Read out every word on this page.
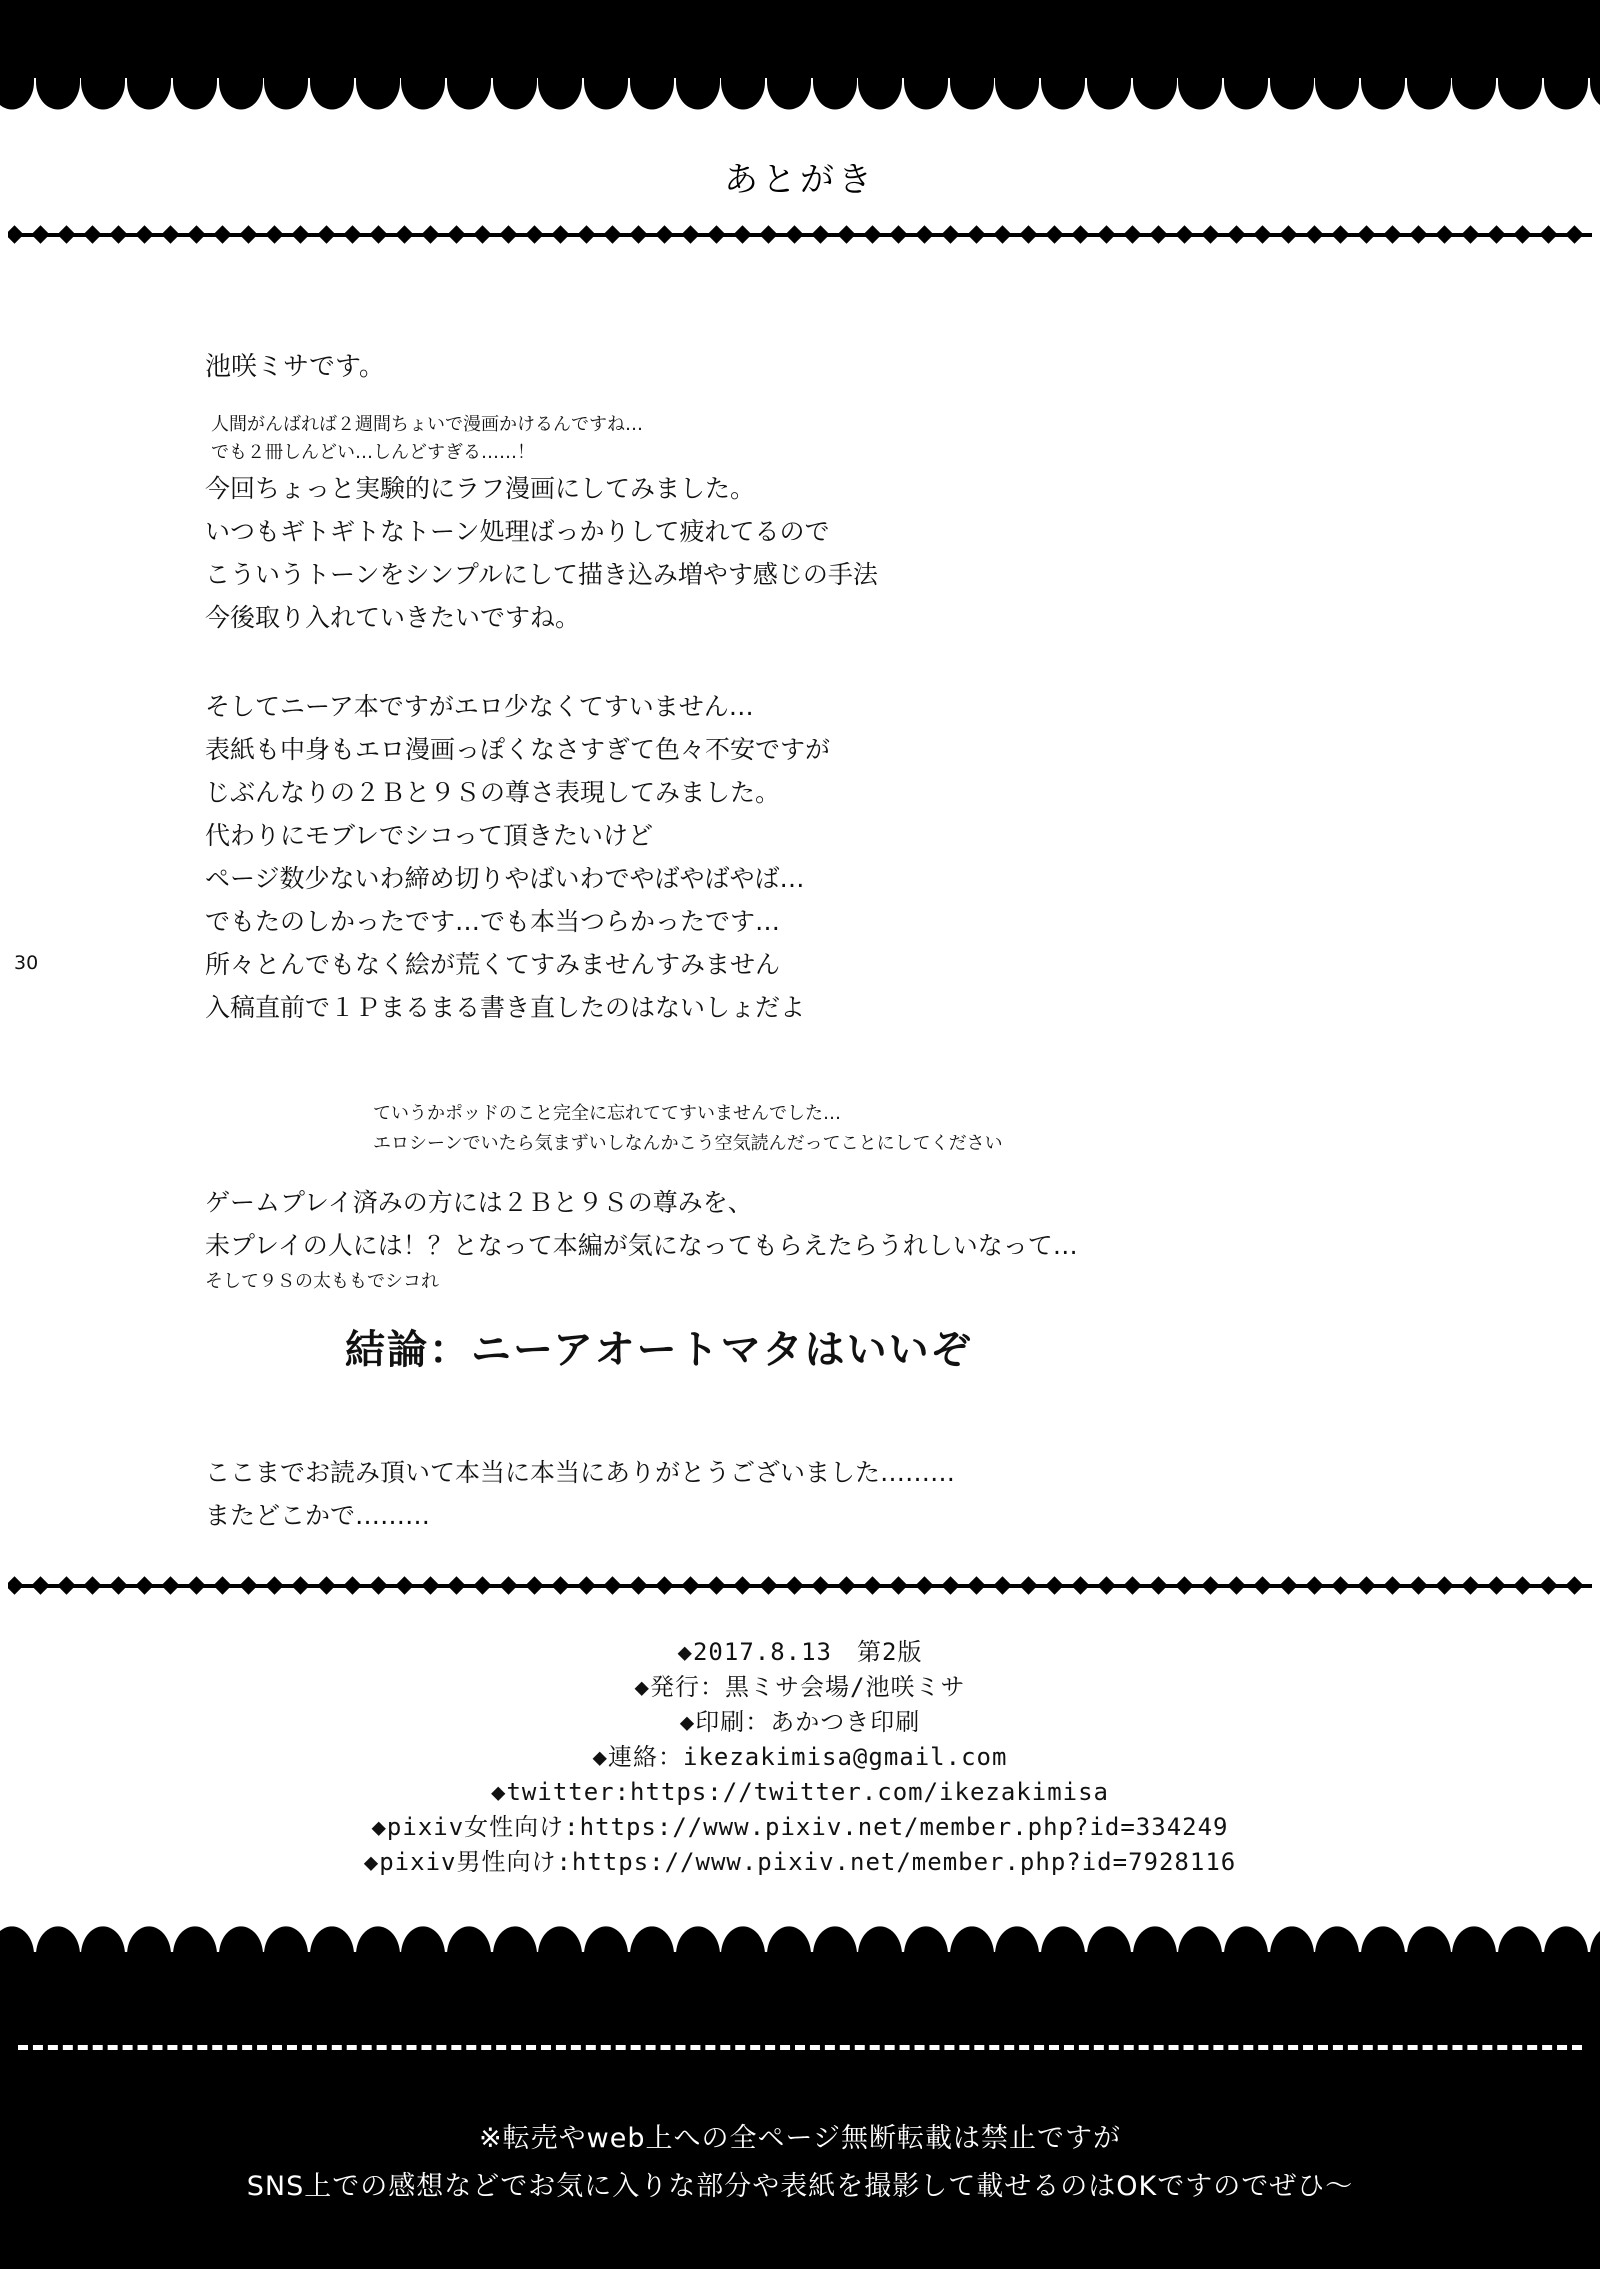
あとがき
30
池咲ミサです。
人間がんばれば２週間ちょいで漫画かけるんですね…
でも２冊しんどい…しんどすぎる……！
今回ちょっと実験的にラフ漫画にしてみました。
いつもギトギトなトーン処理ばっかりして疲れてるので
こういうトーンをシンプルにして描き込み増やす感じの手法
今後取り入れていきたいですね。
そしてニーア本ですがエロ少なくてすいません…
表紙も中身もエロ漫画っぽくなさすぎて色々不安ですが
じぶんなりの２Ｂと９Ｓの尊さ表現してみました。
代わりにモブレでシコって頂きたいけど
ページ数少ないわ締め切りやばいわでやばやばやば…
でもたのしかったです…でも本当つらかったです…
所々とんでもなく絵が荒くてすみませんすみません
入稿直前で１Ｐまるまる書き直したのはないしょだよ
ていうかポッドのこと完全に忘れててすいませんでした…
エロシーンでいたら気まずいしなんかこう空気読んだってことにしてください
ゲームプレイ済みの方には２Ｂと９Ｓの尊みを、
未プレイの人には！？となって本編が気になってもらえたらうれしいなって…
そして９Ｓの太ももでシコれ
結論：ニーアオートマタはいいぞ
ここまでお読み頂いて本当に本当にありがとうございました………
またどこかで………
◆2017.8.13　第2版
◆発行：黒ミサ会場/池咲ミサ
◆印刷：あかつき印刷
◆連絡：ikezakimisa@gmail.com
◆twitter:https://twitter.com/ikezakimisa
◆pixiv女性向け:https://www.pixiv.net/member.php?id=334249
◆pixiv男性向け:https://www.pixiv.net/member.php?id=7928116
※転売やweb上への全ページ無断転載は禁止ですが
SNS上での感想などでお気に入りな部分や表紙を撮影して載せるのはOKですのでぜひ～
